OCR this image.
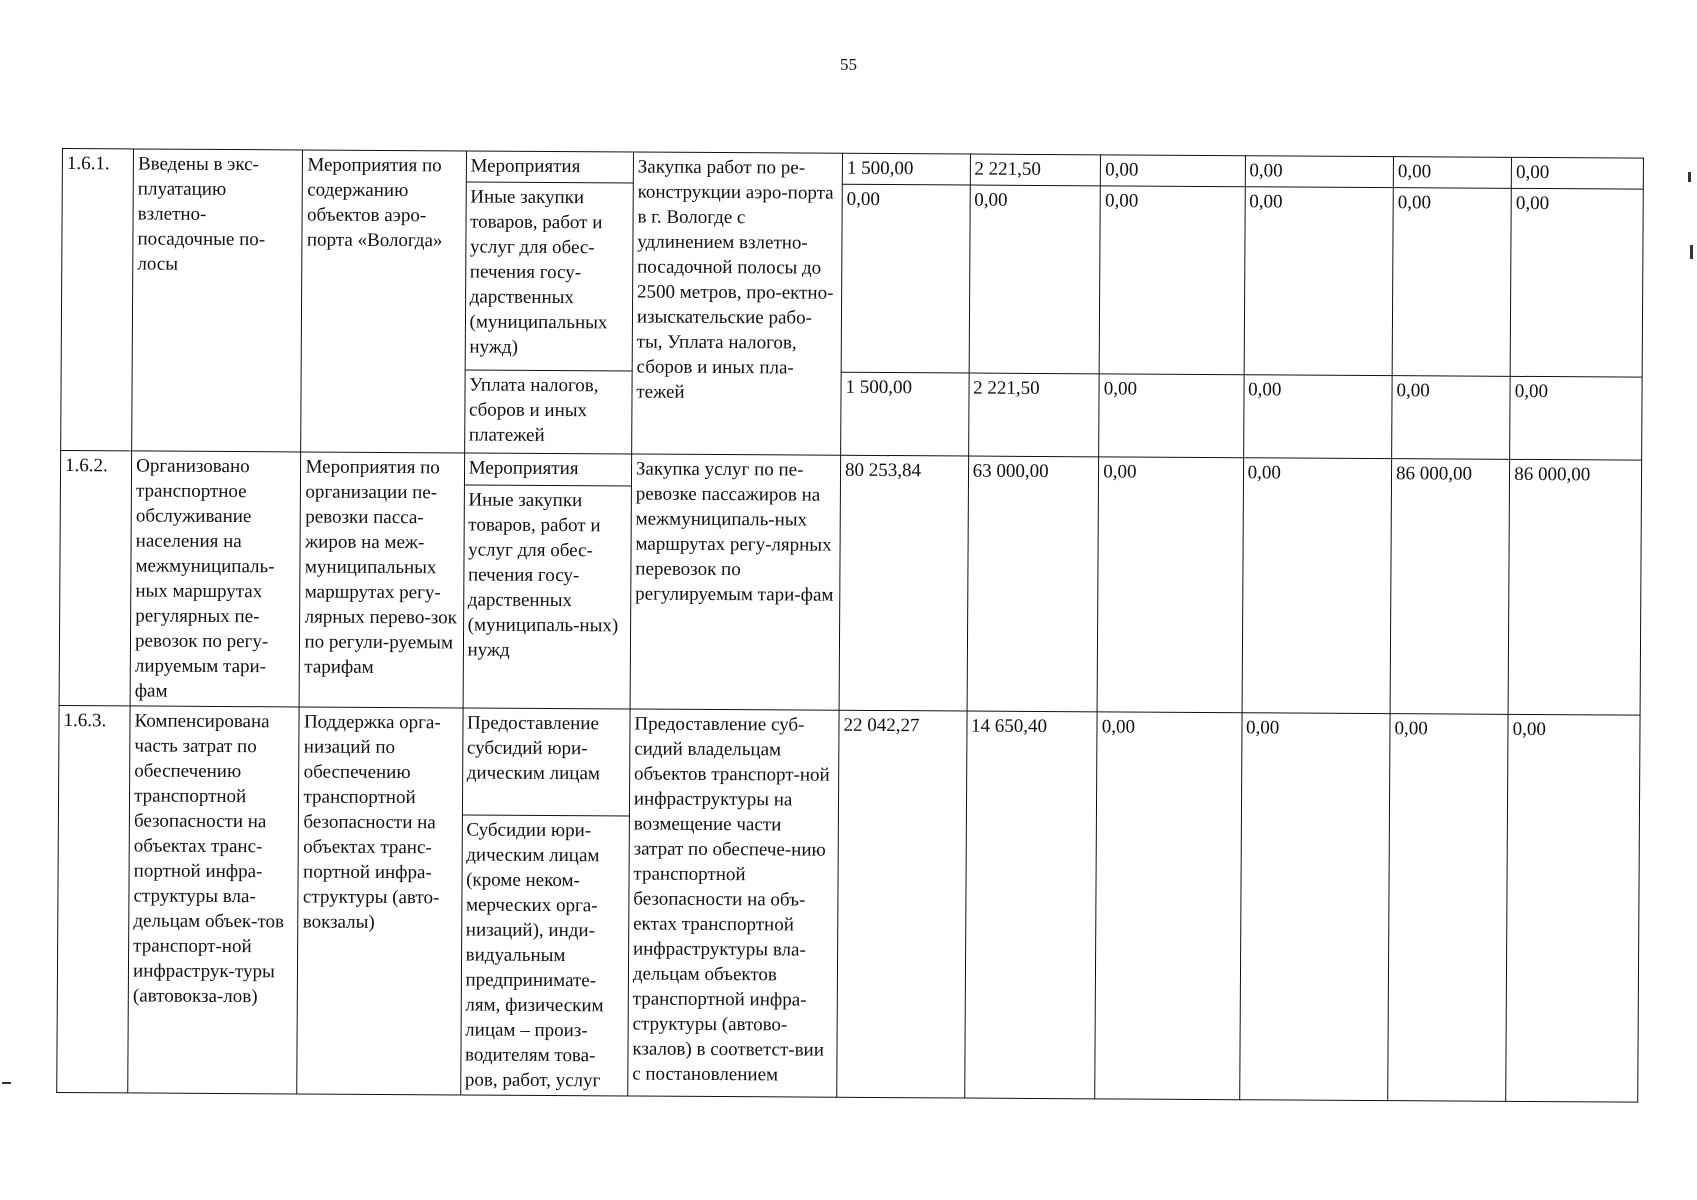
55
1.6.1.	Введены в экс-плуатацию взлетно-посадочные по-лосы	Мероприятия по содержанию объектов аэро-порта «Вологда»	Мероприятия	Закупка работ по ре-конструкции аэро-порта в г. Вологде с удлинением взлетно-посадочной полосы до 2500 метров, про-ектно-изыскательские рабо-ты, Уплата налогов, сборов и иных пла-тежей	1 500,00	2 221,50	0,00	0,00	0,00	0,00
			Иные закупки товаров, работ и услуг для обес-печения госу-дарственных (муниципальных нужд)		0,00	0,00	0,00	0,00	0,00	0,00
			Уплата налогов, сборов и иных платежей		1 500,00	2 221,50	0,00	0,00	0,00	0,00
1.6.2.	Организовано транспортное обслуживание населения на межмуниципаль-ных маршрутах регулярных пе-ревозок по регу-лируемым тари-фам	Мероприятия по организации пе-ревозки пасса-жиров на меж-муниципальных маршрутах регу-лярных перево-зок по регули-руемым тарифам	Мероприятия	Закупка услуг по пе-ревозке пассажиров на межмуниципаль-ных маршрутах регу-лярных перевозок по регулируемым тари-фам	80 253,84	63 000,00	0,00	0,00	86 000,00	86 000,00
			Иные закупки товаров, работ и услуг для обес-печения госу-дарственных (муниципаль-ных) нужд							
1.6.3.	Компенсирована часть затрат по обеспечению транспортной безопасности на объектах транс-портной инфра-структуры вла-дельцам объек-тов транспорт-ной инфраструк-туры (автовокза-лов)	Поддержка орга-низаций по обеспечению транспортной безопасности на объектах транс-портной инфра-структуры (авто-вокзалы)	Предоставление субсидий юри-дическим лицам	Предоставление суб-сидий владельцам объектов транспорт-ной инфраструктуры на возмещение части затрат по обеспече-нию транспортной безопасности на объ-ектах транспортной инфраструктуры вла-дельцам объектов транспортной инфра-структуры (автово-кзалов) в соответст-вии с постановлением	22 042,27	14 650,40	0,00	0,00	0,00	0,00
			Субсидии юри-дическим лицам (кроме неком-мерческих орга-низаций), инди-видуальным предпринимате-лям, физическим лицам – произ-водителям това-ров, работ, услуг							
